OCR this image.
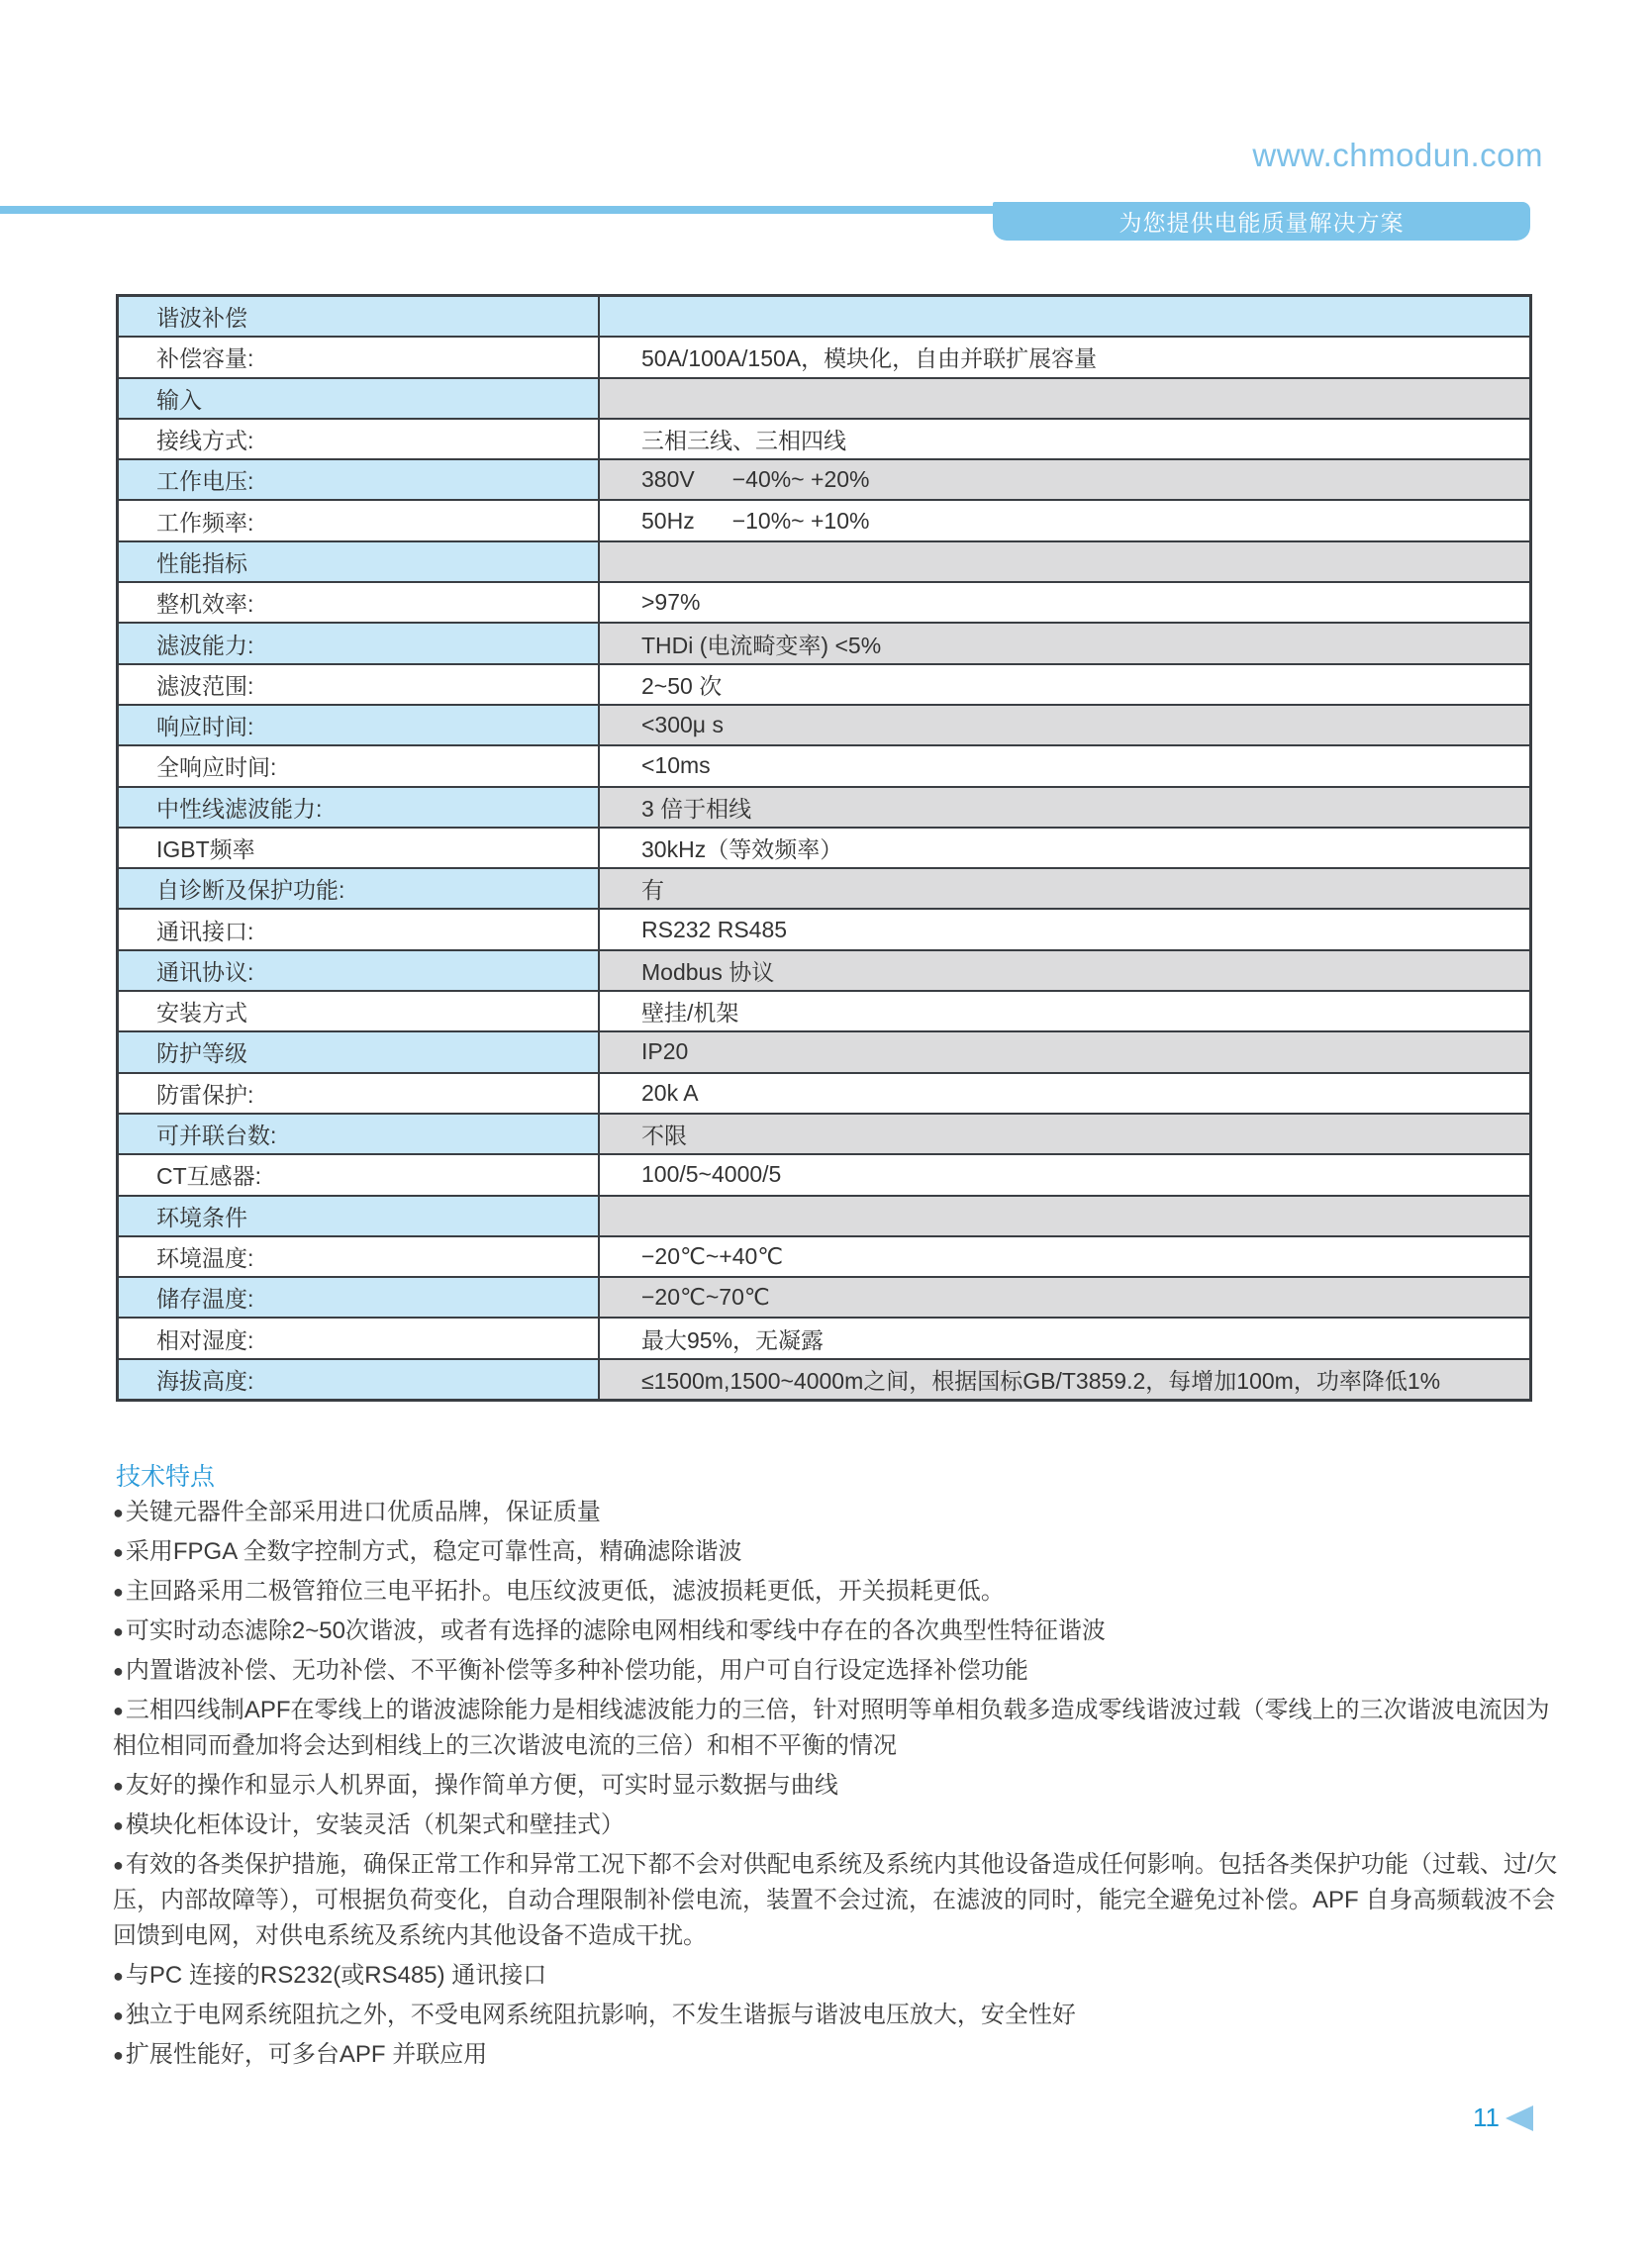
www.chmodun.com
为您提供电能质量解决方案
谐波补偿
补偿容量:	50A/100A/150A，模块化，自由并联扩展容量
输入
接线方式:	三相三线、三相四线
工作电压:	380V −40%~ +20%
工作频率:	50Hz −10%~ +10%
性能指标
整机效率:	>97%
滤波能力:	THDi (电流畸变率) <5%
滤波范围:	2~50 次
响应时间:	<300μ s
全响应时间:	<10ms
中性线滤波能力:	3 倍于相线
IGBT频率	30kHz（等效频率）
自诊断及保护功能:	有
通讯接口:	RS232 RS485
通讯协议:	Modbus 协议
安装方式	壁挂/机架
防护等级	IP20
防雷保护:	20k A
可并联台数:	不限
CT互感器:	100/5~4000/5
环境条件
环境温度:	−20℃~+40℃
储存温度:	−20℃~70℃
相对湿度:	最大95%，无凝露
海拔高度:	≤1500m,1500~4000m之间，根据国标GB/T3859.2，每增加100m，功率降低1%
技术特点

●关键元器件全部采用进口优质品牌，保证质量

●采用FPGA 全数字控制方式，稳定可靠性高，精确滤除谐波

●主回路采用二极管箝位三电平拓扑。电压纹波更低，滤波损耗更低，开关损耗更低。

●可实时动态滤除2~50次谐波，或者有选择的滤除电网相线和零线中存在的各次典型性特征谐波

●内置谐波补偿、无功补偿、不平衡补偿等多种补偿功能，用户可自行设定选择补偿功能

●三相四线制APF在零线上的谐波滤除能力是相线滤波能力的三倍，针对照明等单相负载多造成零线谐波过载（零线上的三次谐波电流因为相位相同而叠加将会达到相线上的三次谐波电流的三倍）和相不平衡的情况

●友好的操作和显示人机界面，操作简单方便，可实时显示数据与曲线

●模块化柜体设计，安装灵活（机架式和壁挂式）

●有效的各类保护措施，确保正常工作和异常工况下都不会对供配电系统及系统内其他设备造成任何影响。包括各类保护功能（过载、过/欠压，内部故障等），可根据负荷变化，自动合理限制补偿电流，装置不会过流，在滤波的同时，能完全避免过补偿。APF 自身高频载波不会回馈到电网，对供电系统及系统内其他设备不造成干扰。

●与PC 连接的RS232(或RS485) 通讯接口

●独立于电网系统阻抗之外，不受电网系统阻抗影响，不发生谐振与谐波电压放大，安全性好

●扩展性能好，可多台APF 并联应用

11
